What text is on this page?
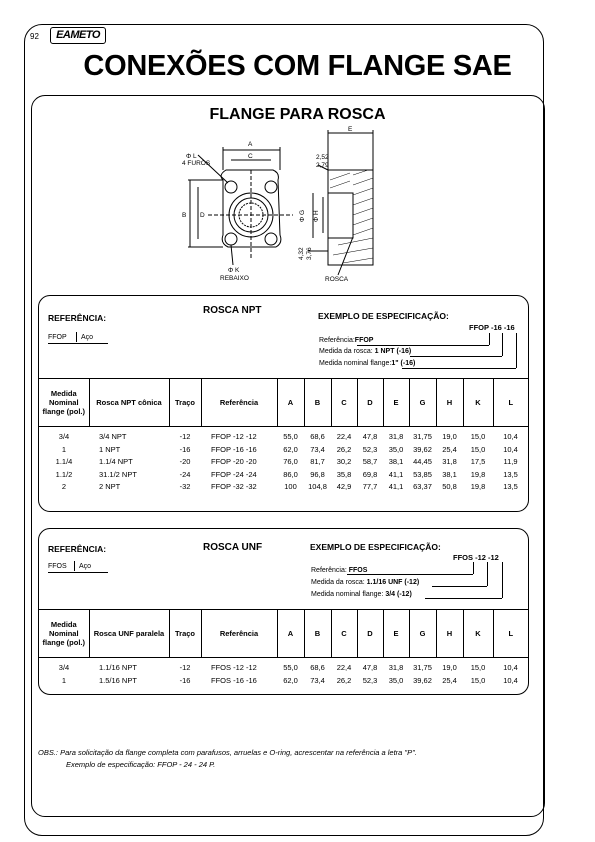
92	EAMETO
CONEXÕES COM FLANGE SAE
FLANGE PARA ROSCA
Φ L
4 FUROS
A
C
E
B D	Φ G Φ H
2,52
2,79
4,32 3,76
Φ K
REBAIXO	ROSCA
REFERÊNCIA:
ROSCA NPT	EXEMPLO DE ESPECIFICAÇÃO:
FFOP Aço
FFOP -16 -16
Referência:FFOP
Medida da rosca: 1 NPT (-16)
Medida nominal flange:1" (-16)
Medida Nominal flange (pol.)	Rosca NPT cônica	Traço	Referência	A	B	C	D	E	G	H	K	L
3/4	3/4 NPT	-12	FFOP -12 -12	55,0	68,6	22,4	47,8	31,8	31,75	19,0	15,0	10,4
1	1 NPT	-16	FFOP -16 -16	62,0	73,4	26,2	52,3	35,0	39,62	25,4	15,0	10,4
1.1/4	1.1/4 NPT	-20	FFOP -20 -20	76,0	81,7	30,2	58,7	38,1	44,45	31,8	17,5	11,9
1.1/2	31.1/2 NPT	-24	FFOP -24 -24	86,0	96,8	35,8	69,8	41,1	53,85	38,1	19,8	13,5
2	2 NPT	-32	FFOP -32 -32	100	104,8	42,9	77,7	41,1	63,37	50,8	19,8	13,5
REFERÊNCIA:	ROSCA UNF	EXEMPLO DE ESPECIFICAÇÃO:
FFOS Aço
FFOS -12 -12
Referência: FFOS
Medida da rosca: 1.1/16 UNF (-12)
Medida nominal flange: 3/4 (-12)
Medida Nominal flange (pol.)	Rosca UNF paralela	Traço	Referência	A	B	C	D	E	G	H	K	L
3/4	1.1/16 NPT	-12	FFOS -12 -12	55,0	68,6	22,4	47,8	31,8	31,75	19,0	15,0	10,4
1	1.5/16 NPT	-16	FFOS -16 -16	62,0	73,4	26,2	52,3	35,0	39,62	25,4	15,0	10,4
OBS.: Para solicitação da flange completa com parafusos, arruelas e O-ring, acrescentar na referência a letra "P".
Exemplo de especificação: FFOP - 24 - 24 P.
